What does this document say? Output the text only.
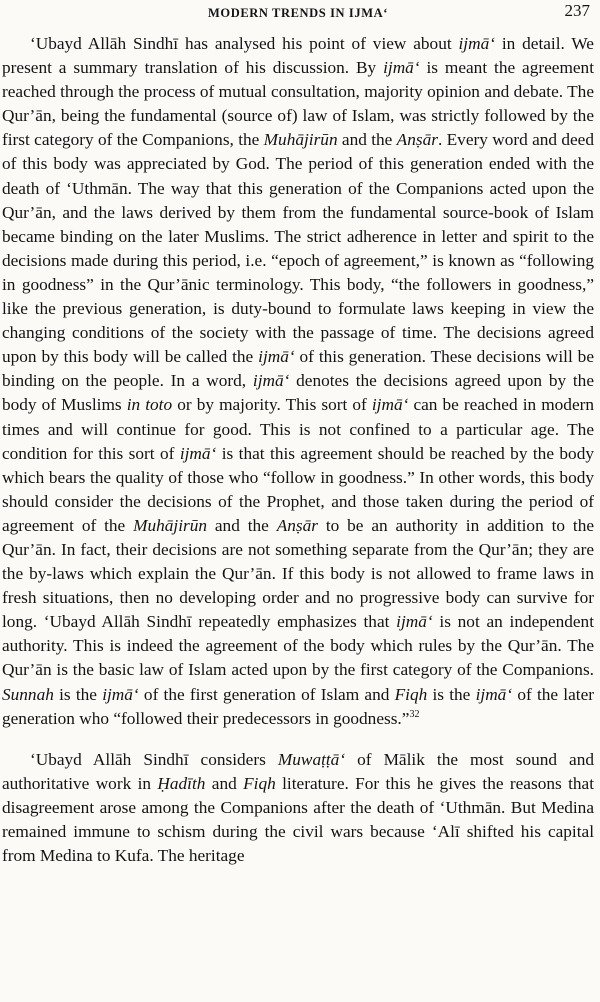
MODERN TRENDS IN IJMA‘	237

‘Ubayd Allāh Sindhī has analysed his point of view about ijmā‘ in detail. We present a summary translation of his discussion. By ijmā‘ is meant the agreement reached through the process of mutual consultation, majority opinion and debate. The Qur’ān, being the fundamental (source of) law of Islam, was strictly followed by the first category of the Companions, the Muhājirūn and the Anṣār. Every word and deed of this body was appreciated by God. The period of this generation ended with the death of ‘Uthmān. The way that this generation of the Companions acted upon the Qur’ān, and the laws derived by them from the fundamental source-book of Islam became binding on the later Muslims. The strict adherence in letter and spirit to the decisions made during this period, i.e. “epoch of agreement,” is known as “following in goodness” in the Qur’ānic terminology. This body, “the followers in goodness,” like the previous generation, is duty-bound to formulate laws keeping in view the changing conditions of the society with the passage of time. The decisions agreed upon by this body will be called the ijmā‘ of this generation. These decisions will be binding on the people. In a word, ijmā‘ denotes the decisions agreed upon by the body of Muslims in toto or by majority. This sort of ijmā‘ can be reached in modern times and will continue for good. This is not confined to a particular age. The condition for this sort of ijmā‘ is that this agreement should be reached by the body which bears the quality of those who “follow in goodness.” In other words, this body should consider the decisions of the Prophet, and those taken during the period of agreement of the Muhājirūn and the Anṣār to be an authority in addition to the Qur’ān. In fact, their decisions are not something separate from the Qur’ān; they are the by-laws which explain the Qur’ān. If this body is not allowed to frame laws in fresh situations, then no developing order and no progressive body can survive for long. ‘Ubayd Allāh Sindhī repeatedly emphasizes that ijmā‘ is not an independent authority. This is indeed the agreement of the body which rules by the Qur’ān. The Qur’ān is the basic law of Islam acted upon by the first category of the Companions. Sunnah is the ijmā‘ of the first generation of Islam and Fiqh is the ijmā‘ of the later generation who “followed their predecessors in goodness.”$^{32}$

‘Ubayd Allāh Sindhī considers Muwaṭṭā‘ of Mālik the most sound and authoritative work in Ḥadīth and Fiqh literature. For this he gives the reasons that disagreement arose among the Companions after the death of ‘Uthmān. But Medina remained immune to schism during the civil wars because ‘Alī shifted his capital from Medina to Kufa. The heritage
